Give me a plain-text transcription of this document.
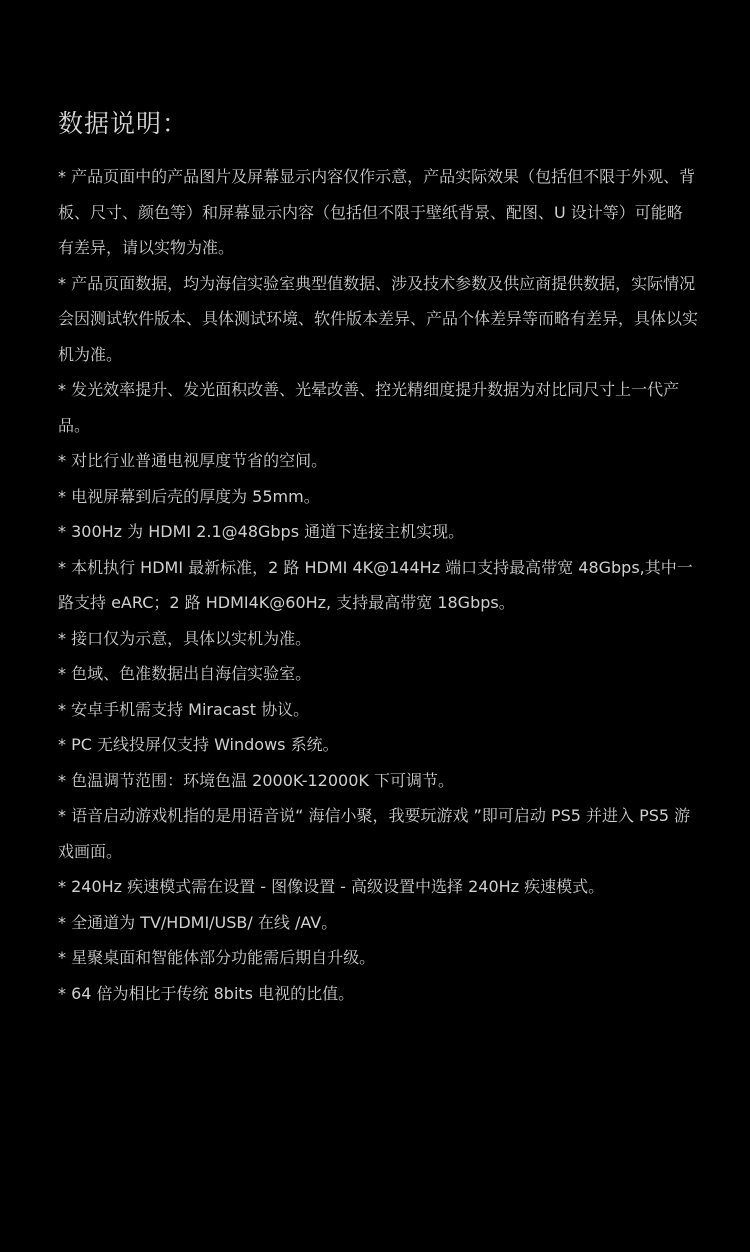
数据说明：
* 产品页面中的产品图片及屏幕显示内容仅作示意，产品实际效果（包括但不限于外观、背板、尺寸、颜色等）和屏幕显示内容（包括但不限于壁纸背景、配图、U 设计等）可能略有差异，请以实物为准。
* 产品页面数据，均为海信实验室典型值数据、涉及技术参数及供应商提供数据，实际情况会因测试软件版本、具体测试环境、软件版本差异、产品个体差异等而略有差异，具体以实机为准。
* 发光效率提升、发光面积改善、光晕改善、控光精细度提升数据为对比同尺寸上一代产品。
* 对比行业普通电视厚度节省的空间。
* 电视屏幕到后壳的厚度为 55mm。
* 300Hz 为 HDMI 2.1@48Gbps 通道下连接主机实现。
* 本机执行 HDMI 最新标准，2 路 HDMI 4K@144Hz 端口支持最高带宽 48Gbps,其中一路支持 eARC；2 路 HDMI4K@60Hz, 支持最高带宽 18Gbps。
* 接口仅为示意，具体以实机为准。
* 色域、色准数据出自海信实验室。
* 安卓手机需支持 Miracast 协议。
* PC 无线投屏仅支持 Windows 系统。
* 色温调节范围：环境色温 2000K-12000K 下可调节。
* 语音启动游戏机指的是用语音说“ 海信小聚，我要玩游戏 ”即可启动 PS5 并进入 PS5 游戏画面。
* 240Hz 疾速模式需在设置 - 图像设置 - 高级设置中选择 240Hz 疾速模式。
* 全通道为 TV/HDMI/USB/ 在线 /AV。
* 星聚桌面和智能体部分功能需后期自升级。
* 64 倍为相比于传统 8bits 电视的比值。
